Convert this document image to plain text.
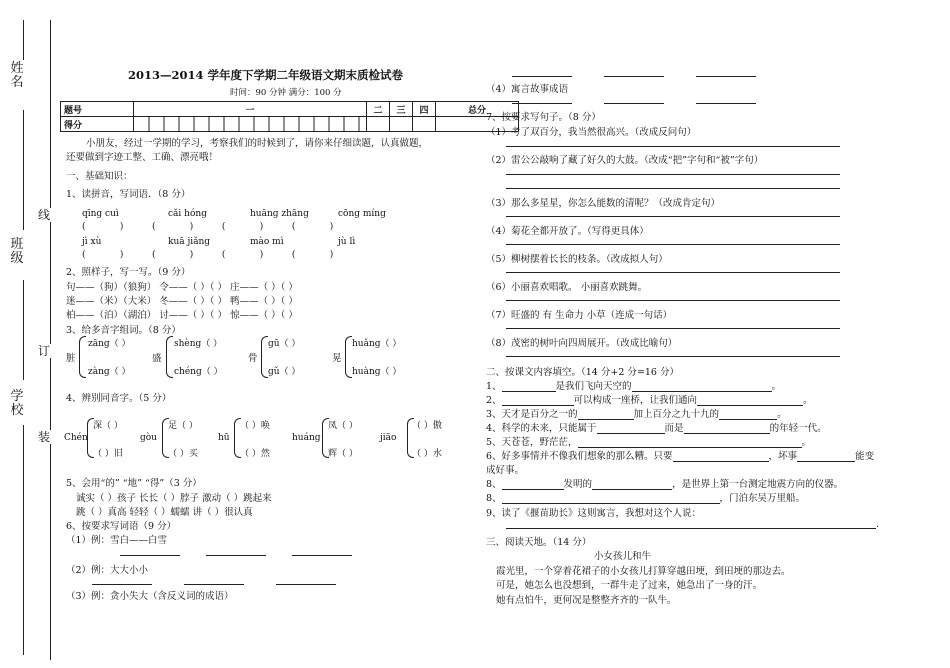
姓名
班级
学校
线
订
装
2013—2014 学年度下学期二年级语文期末质检试卷
时间：90 分钟 满分：100 分
题号	一	二	三	四	总分
得分					
小朋友，经过一学期的学习，考察我们的时候到了，请你来仔细读题，认真做题，
还要做到字迹工整、工确、漂亮哦！
一、基础知识：
1、读拼音，写词语．（8 分）
qīng cuì	cǎi hóng	huāng zhāng	cōng míng
(            )          (            )          (            )          (            )
jì xù	kuā jiǎng	mào mì	jù lì
(            )          (            )          (            )          (            )
2、照样子，写一写。（9 分）
句——（狗）（狼狗） 令——（ ）（ ） 庄——（ ）（ ）
迷——（米）（大米） 冬——（ ）（ ） 鸭——（ ）（ ）
柏——（泊）（湖泊） 讨——（ ）（ ） 惊——（ ）（ ）
3、给多音字组词。（8 分）
脏
zāng（ ）
zàng（ ）
盛
shèng（ ）
chéng（ ）
骨
gū（ ）
gǔ（ ）
晃
huǎng（ ）
huàng（ ）
4、辨别同音字。（5 分）
Chén
深（ ）
（ ）旧
gòu
足（ ）
（ ）买
hū
（ ）唤
（ ）然
huáng
凤（ ）
辉（ ）
jiāo
（ ）傲
（ ）水
5、会用“的” “地” “得”（3 分）
诚实（ ）孩子 长长（ ）脖子 激动（ ）跳起来
跳（ ）真高 轻轻（ ）蠕蠕 讲（ ）很认真
6、按要求写词语（9 分）
（1）例：雪白——白雪
（2）例：大大小小
（3）例：贪小失大（含反义词的成语）
（4）寓言故事成语
7、按要求写句子。（8 分）
（1）考了双百分，我当然很高兴。（改成反问句）
（2）雷公公敲响了藏了好久的大鼓。（改成“把”字句和“被”字句）
（3）那么多星星，你怎么能数的清呢？（改成肯定句）
（4）菊花全都开放了。（写得更具体）
（5）柳树摆着长长的枝条。（改成拟人句）
（6）小丽喜欢唱歌。 小丽喜欢跳舞。
（7）旺盛的 有 生命力 小草（连成一句话）
（8）茂密的树叶向四周展开。（改成比喻句）
二、按课文内容填空。（14 分+2 分=16 分）
1、	是我们飞向天空的	。
2、	可以构成一座桥，让我们通向	。
3、天才是百分之一的	加上百分之九十九的	。
4、科学的未来，只能属于	而是	的年轻一代。
5、天苍苍，野茫茫，	。
6、好多事情并不像我们想象的那么糟。只要	，坏事	能变
成好事。
8、	发明的	，是世界上第一台测定地震方向的仪器。
8、	，门泊东吴万里船。
9、读了《揠苗助长》这则寓言，我想对这个人说：
.
三、阅读天地。（14 分）
小女孩儿和牛
霞光里，一个穿着花裙子的小女孩儿打算穿越田埂，到田埂的那边去。
可是，她怎么也没想到，一群牛走了过来，她急出了一身的汗。
她有点怕牛，更何况是整整齐齐的一队牛。
